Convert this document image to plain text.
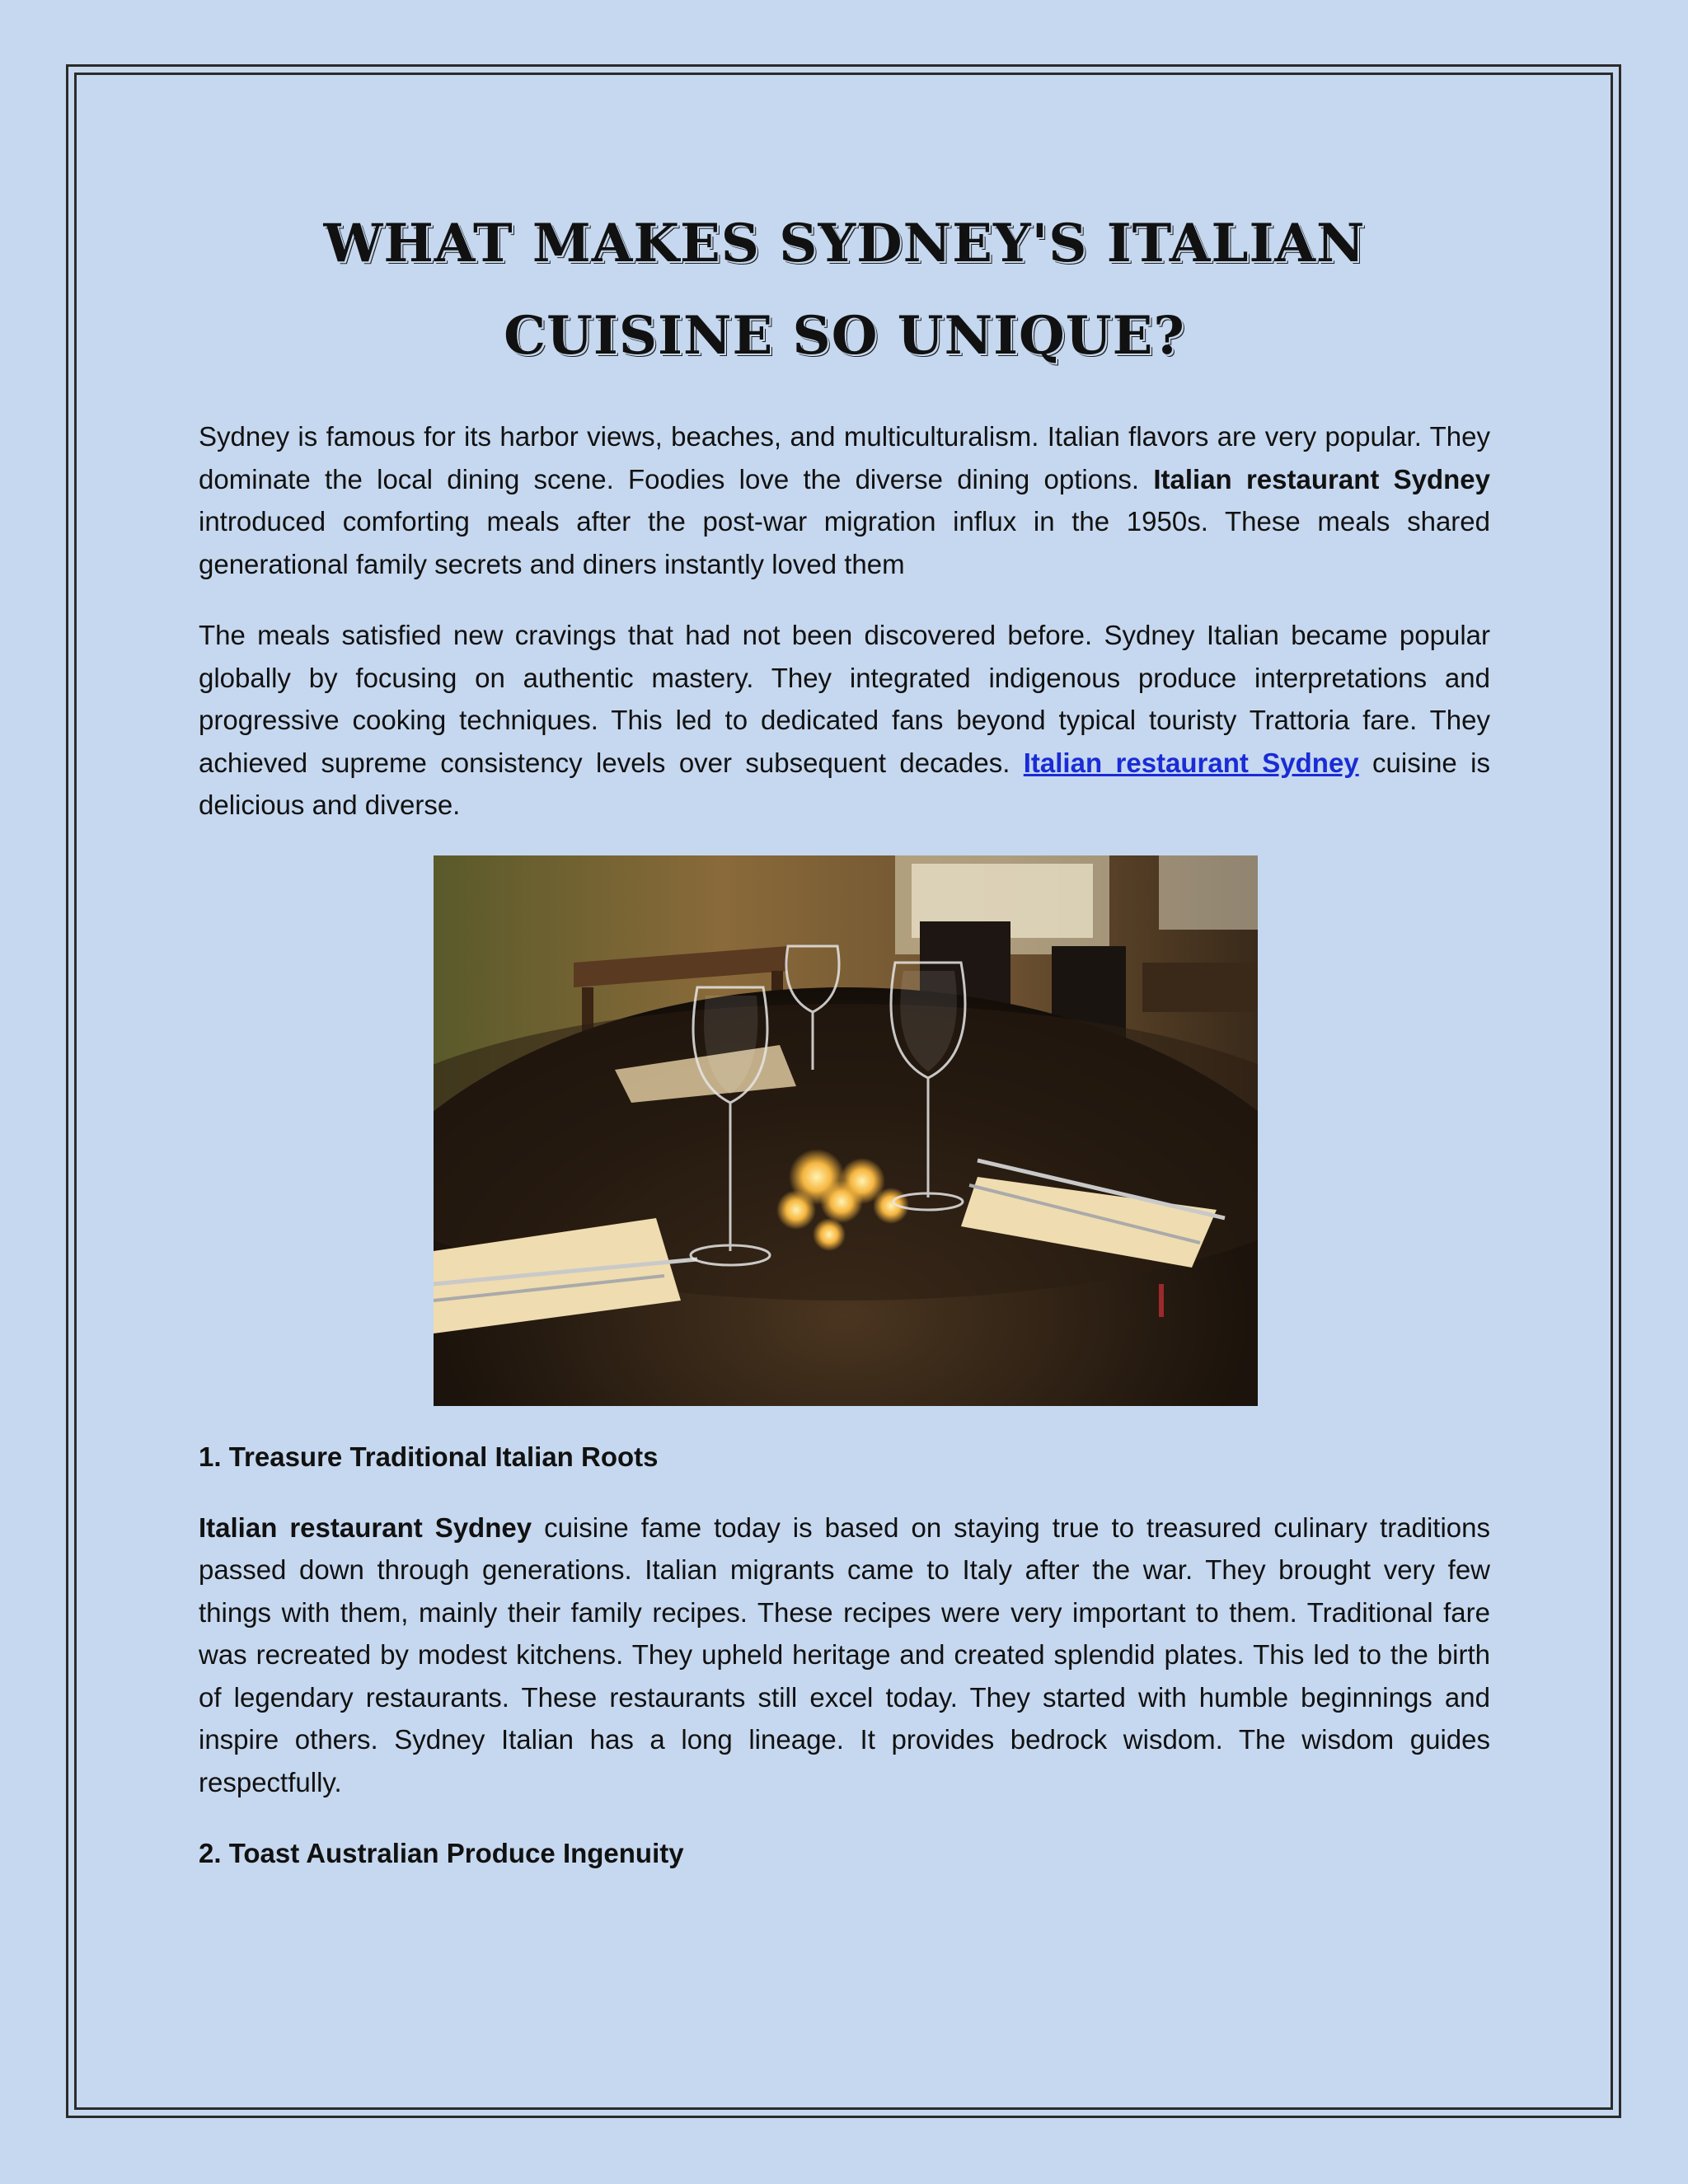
WHAT MAKES SYDNEY'S ITALIAN CUISINE SO UNIQUE?

Sydney is famous for its harbor views, beaches, and multiculturalism. Italian flavors are very popular. They dominate the local dining scene. Foodies love the diverse dining options. Italian restaurant Sydney introduced comforting meals after the post-war migration influx in the 1950s. These meals shared generational family secrets and diners instantly loved them

The meals satisfied new cravings that had not been discovered before. Sydney Italian became popular globally by focusing on authentic mastery. They integrated indigenous produce interpretations and progressive cooking techniques. This led to dedicated fans beyond typical touristy Trattoria fare. They achieved supreme consistency levels over subsequent decades. Italian restaurant Sydney cuisine is delicious and diverse.

1. Treasure Traditional Italian Roots

Italian restaurant Sydney cuisine fame today is based on staying true to treasured culinary traditions passed down through generations. Italian migrants came to Italy after the war. They brought very few things with them, mainly their family recipes. These recipes were very important to them. Traditional fare was recreated by modest kitchens. They upheld heritage and created splendid plates. This led to the birth of legendary restaurants. These restaurants still excel today. They started with humble beginnings and inspire others. Sydney Italian has a long lineage. It provides bedrock wisdom. The wisdom guides respectfully.

2. Toast Australian Produce Ingenuity
